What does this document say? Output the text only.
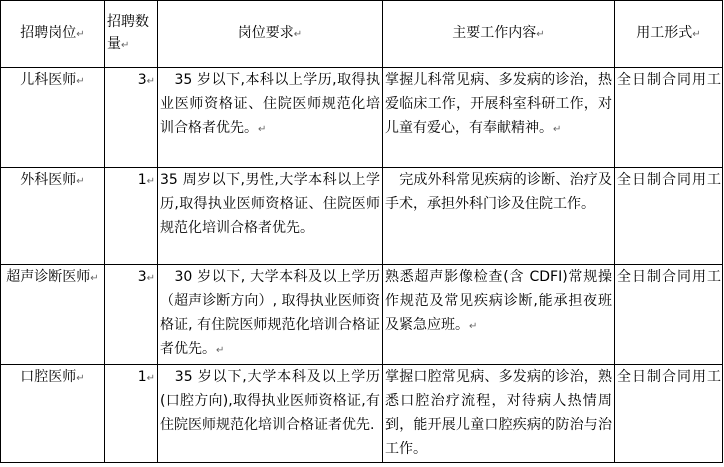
招聘岗位↵	招聘数量↵	岗位要求↵	主要工作内容↵	用工形式↵
儿科医师↵	3↵	　35 岁以下,本科以上学历,取得执业医师资格证、住院医师规范化培训合格者优先。↵	掌握儿科常见病、多发病的诊治，热爱临床工作，开展科室科研工作，对儿童有爱心，有奉献精神。↵	全日制合同用工
外科医师↵	1↵	35 周岁以下,男性,大学本科以上学历,取得执业医师资格证、住院医师规范化培训合格者优先。	　完成外科常见疾病的诊断、治疗及手术，承担外科门诊及住院工作。	全日制合同用工
超声诊断医师↵	3↵	　30 岁以下, 大学本科及以上学历（超声诊断方向）, 取得执业医师资格证, 有住院医师规范化培训合格证者优先。↵	熟悉超声影像检查(含 CDFI)常规操作规范及常见疾病诊断,能承担夜班及紧急应班。↵	全日制合同用工
口腔医师↵	1↵	　35 岁以下,大学本科及以上学历(口腔方向),取得执业医师资格证,有住院医师规范化培训合格证者优先.	掌握口腔常见病、多发病的诊治，熟悉口腔治疗流程，对待病人热情周到，能开展儿童口腔疾病的防治与治工作。	全日制合同用工
